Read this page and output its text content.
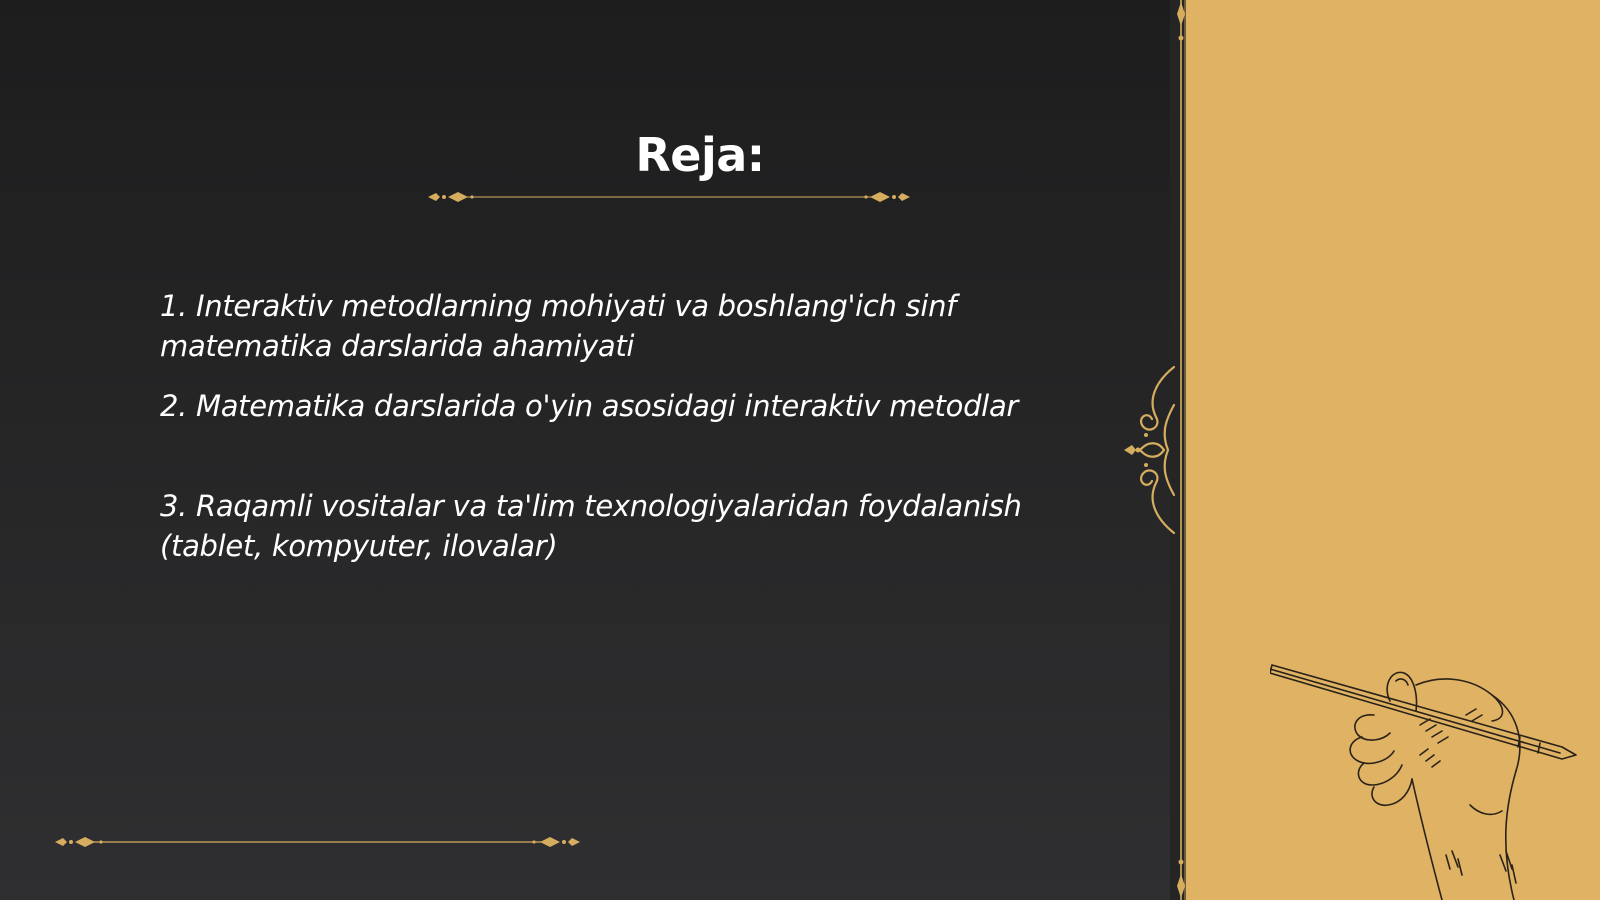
Reja:
1. Interaktiv metodlarning mohiyati va boshlang'ich sinf matematika darslarida ahamiyati
2. Matematika darslarida o'yin asosidagi interaktiv metodlar
3. Raqamli vositalar va ta'lim texnologiyalaridan foydalanish (tablet, kompyuter, ilovalar)
